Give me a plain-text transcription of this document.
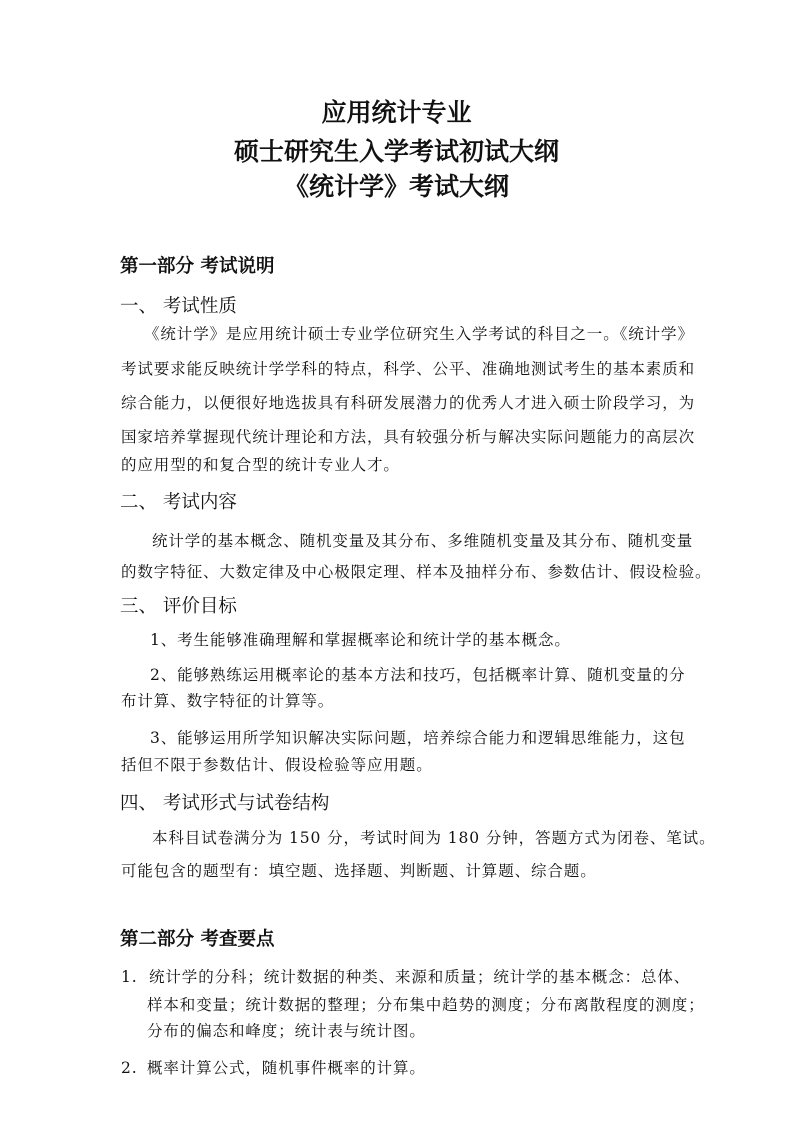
应用统计专业
硕士研究生入学考试初试大纲
《统计学》考试大纲
第一部分 考试说明
一、 考试性质
《统计学》是应用统计硕士专业学位研究生入学考试的科目之一。《统计学》
考试要求能反映统计学学科的特点，科学、公平、准确地测试考生的基本素质和
综合能力，以便很好地选拔具有科研发展潜力的优秀人才进入硕士阶段学习，为
国家培养掌握现代统计理论和方法，具有较强分析与解决实际问题能力的高层次
的应用型的和复合型的统计专业人才。
二、 考试内容
统计学的基本概念、随机变量及其分布、多维随机变量及其分布、随机变量
的数字特征、大数定律及中心极限定理、样本及抽样分布、参数估计、假设检验。
三、 评价目标
1、考生能够准确理解和掌握概率论和统计学的基本概念。
2、能够熟练运用概率论的基本方法和技巧，包括概率计算、随机变量的分
布计算、数字特征的计算等。
3、能够运用所学知识解决实际问题，培养综合能力和逻辑思维能力，这包
括但不限于参数估计、假设检验等应用题。
四、 考试形式与试卷结构
本科目试卷满分为 150 分，考试时间为 180 分钟，答题方式为闭卷、笔试。
可能包含的题型有：填空题、选择题、判断题、计算题、综合题。
第二部分 考查要点
1. 统计学的分科；统计数据的种类、来源和质量；统计学的基本概念：总体、
样本和变量；统计数据的整理；分布集中趋势的测度；分布离散程度的测度；
分布的偏态和峰度；统计表与统计图。
2. 概率计算公式，随机事件概率的计算。
